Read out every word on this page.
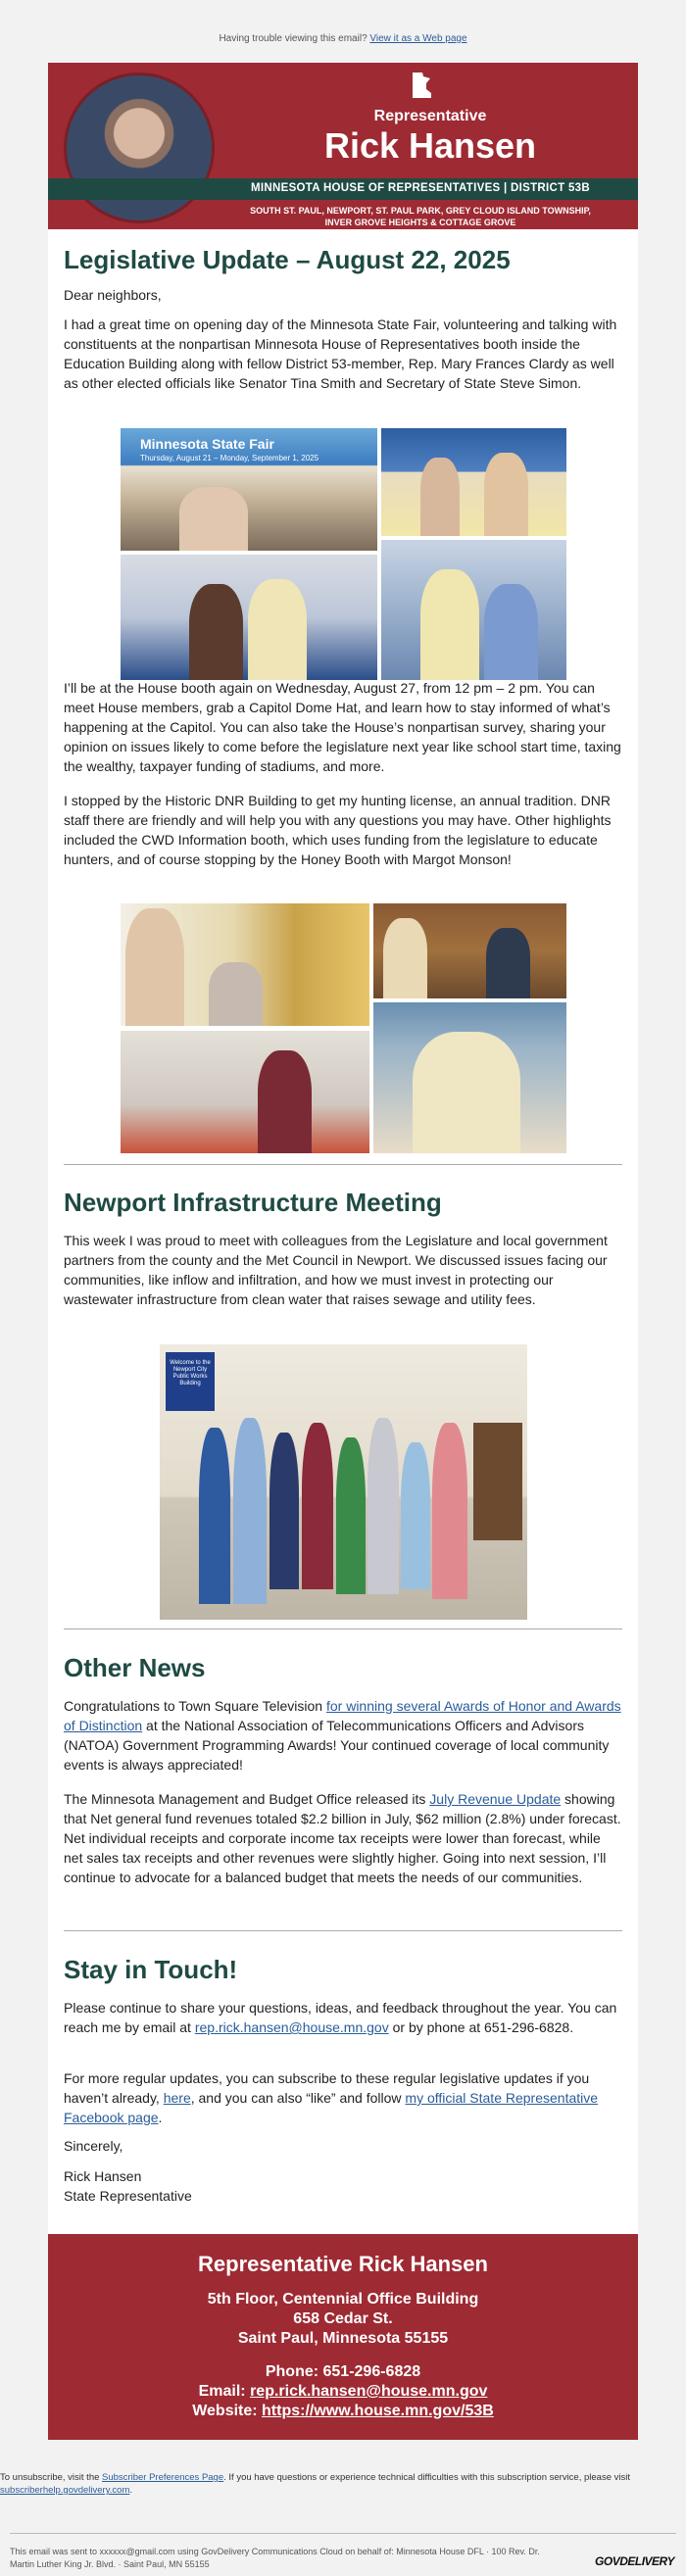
Having trouble viewing this email? View it as a Web page
Representative
Rick Hansen
MINNESOTA HOUSE OF REPRESENTATIVES | DISTRICT 53B
SOUTH ST. PAUL, NEWPORT, ST. PAUL PARK, GREY CLOUD ISLAND TOWNSHIP,
INVER GROVE HEIGHTS & COTTAGE GROVE
Legislative Update – August 22, 2025

Dear neighbors,

I had a great time on opening day of the Minnesota State Fair, volunteering and talking with constituents at the nonpartisan Minnesota House of Representatives booth inside the Education Building along with fellow District 53-member, Rep. Mary Frances Clardy as well as other elected officials like Senator Tina Smith and Secretary of State Steve Simon.

Minnesota State Fair
Thursday, August 21 – Monday, September 1, 2025

I’ll be at the House booth again on Wednesday, August 27, from 12 pm – 2 pm. You can meet House members, grab a Capitol Dome Hat, and learn how to stay informed of what’s happening at the Capitol. You can also take the House’s nonpartisan survey, sharing your opinion on issues likely to come before the legislature next year like school start time, taxing the wealthy, taxpayer funding of stadiums, and more.

I stopped by the Historic DNR Building to get my hunting license, an annual tradition. DNR staff there are friendly and will help you with any questions you may have. Other highlights included the CWD Information booth, which uses funding from the legislature to educate hunters, and of course stopping by the Honey Booth with Margot Monson!

Newport Infrastructure Meeting

This week I was proud to meet with colleagues from the Legislature and local government partners from the county and the Met Council in Newport. We discussed issues facing our communities, like inflow and infiltration, and how we must invest in protecting our wastewater infrastructure from clean water that raises sewage and utility fees.

Welcome to the Newport City Public Works Building
Other News

Congratulations to Town Square Television for winning several Awards of Honor and Awards of Distinction at the National Association of Telecommunications Officers and Advisors (NATOA) Government Programming Awards! Your continued coverage of local community events is always appreciated!

The Minnesota Management and Budget Office released its July Revenue Update showing that Net general fund revenues totaled $2.2 billion in July, $62 million (2.8%) under forecast. Net individual receipts and corporate income tax receipts were lower than forecast, while net sales tax receipts and other revenues were slightly higher. Going into next session, I’ll continue to advocate for a balanced budget that meets the needs of our communities.

Stay in Touch!

Please continue to share your questions, ideas, and feedback throughout the year. You can reach me by email at rep.rick.hansen@house.mn.gov or by phone at 651-296-6828.

For more regular updates, you can subscribe to these regular legislative updates if you haven’t already, here, and you can also “like” and follow my official State Representative Facebook page.

Sincerely,

Rick Hansen

State Representative

Representative Rick Hansen
5th Floor, Centennial Office Building
658 Cedar St.
Saint Paul, Minnesota 55155
Phone: 651-296-6828
Email: rep.rick.hansen@house.mn.gov
Website: https://www.house.mn.gov/53B
To unsubscribe, visit the Subscriber Preferences Page. If you have questions or experience technical difficulties with this subscription service, please visit subscriberhelp.govdelivery.com.
This email was sent to xxxxxx@gmail.com using GovDelivery Communications Cloud on behalf of: Minnesota House DFL · 100 Rev. Dr. Martin Luther King Jr. Blvd. · Saint Paul, MN 55155	GOVDELIVERY
